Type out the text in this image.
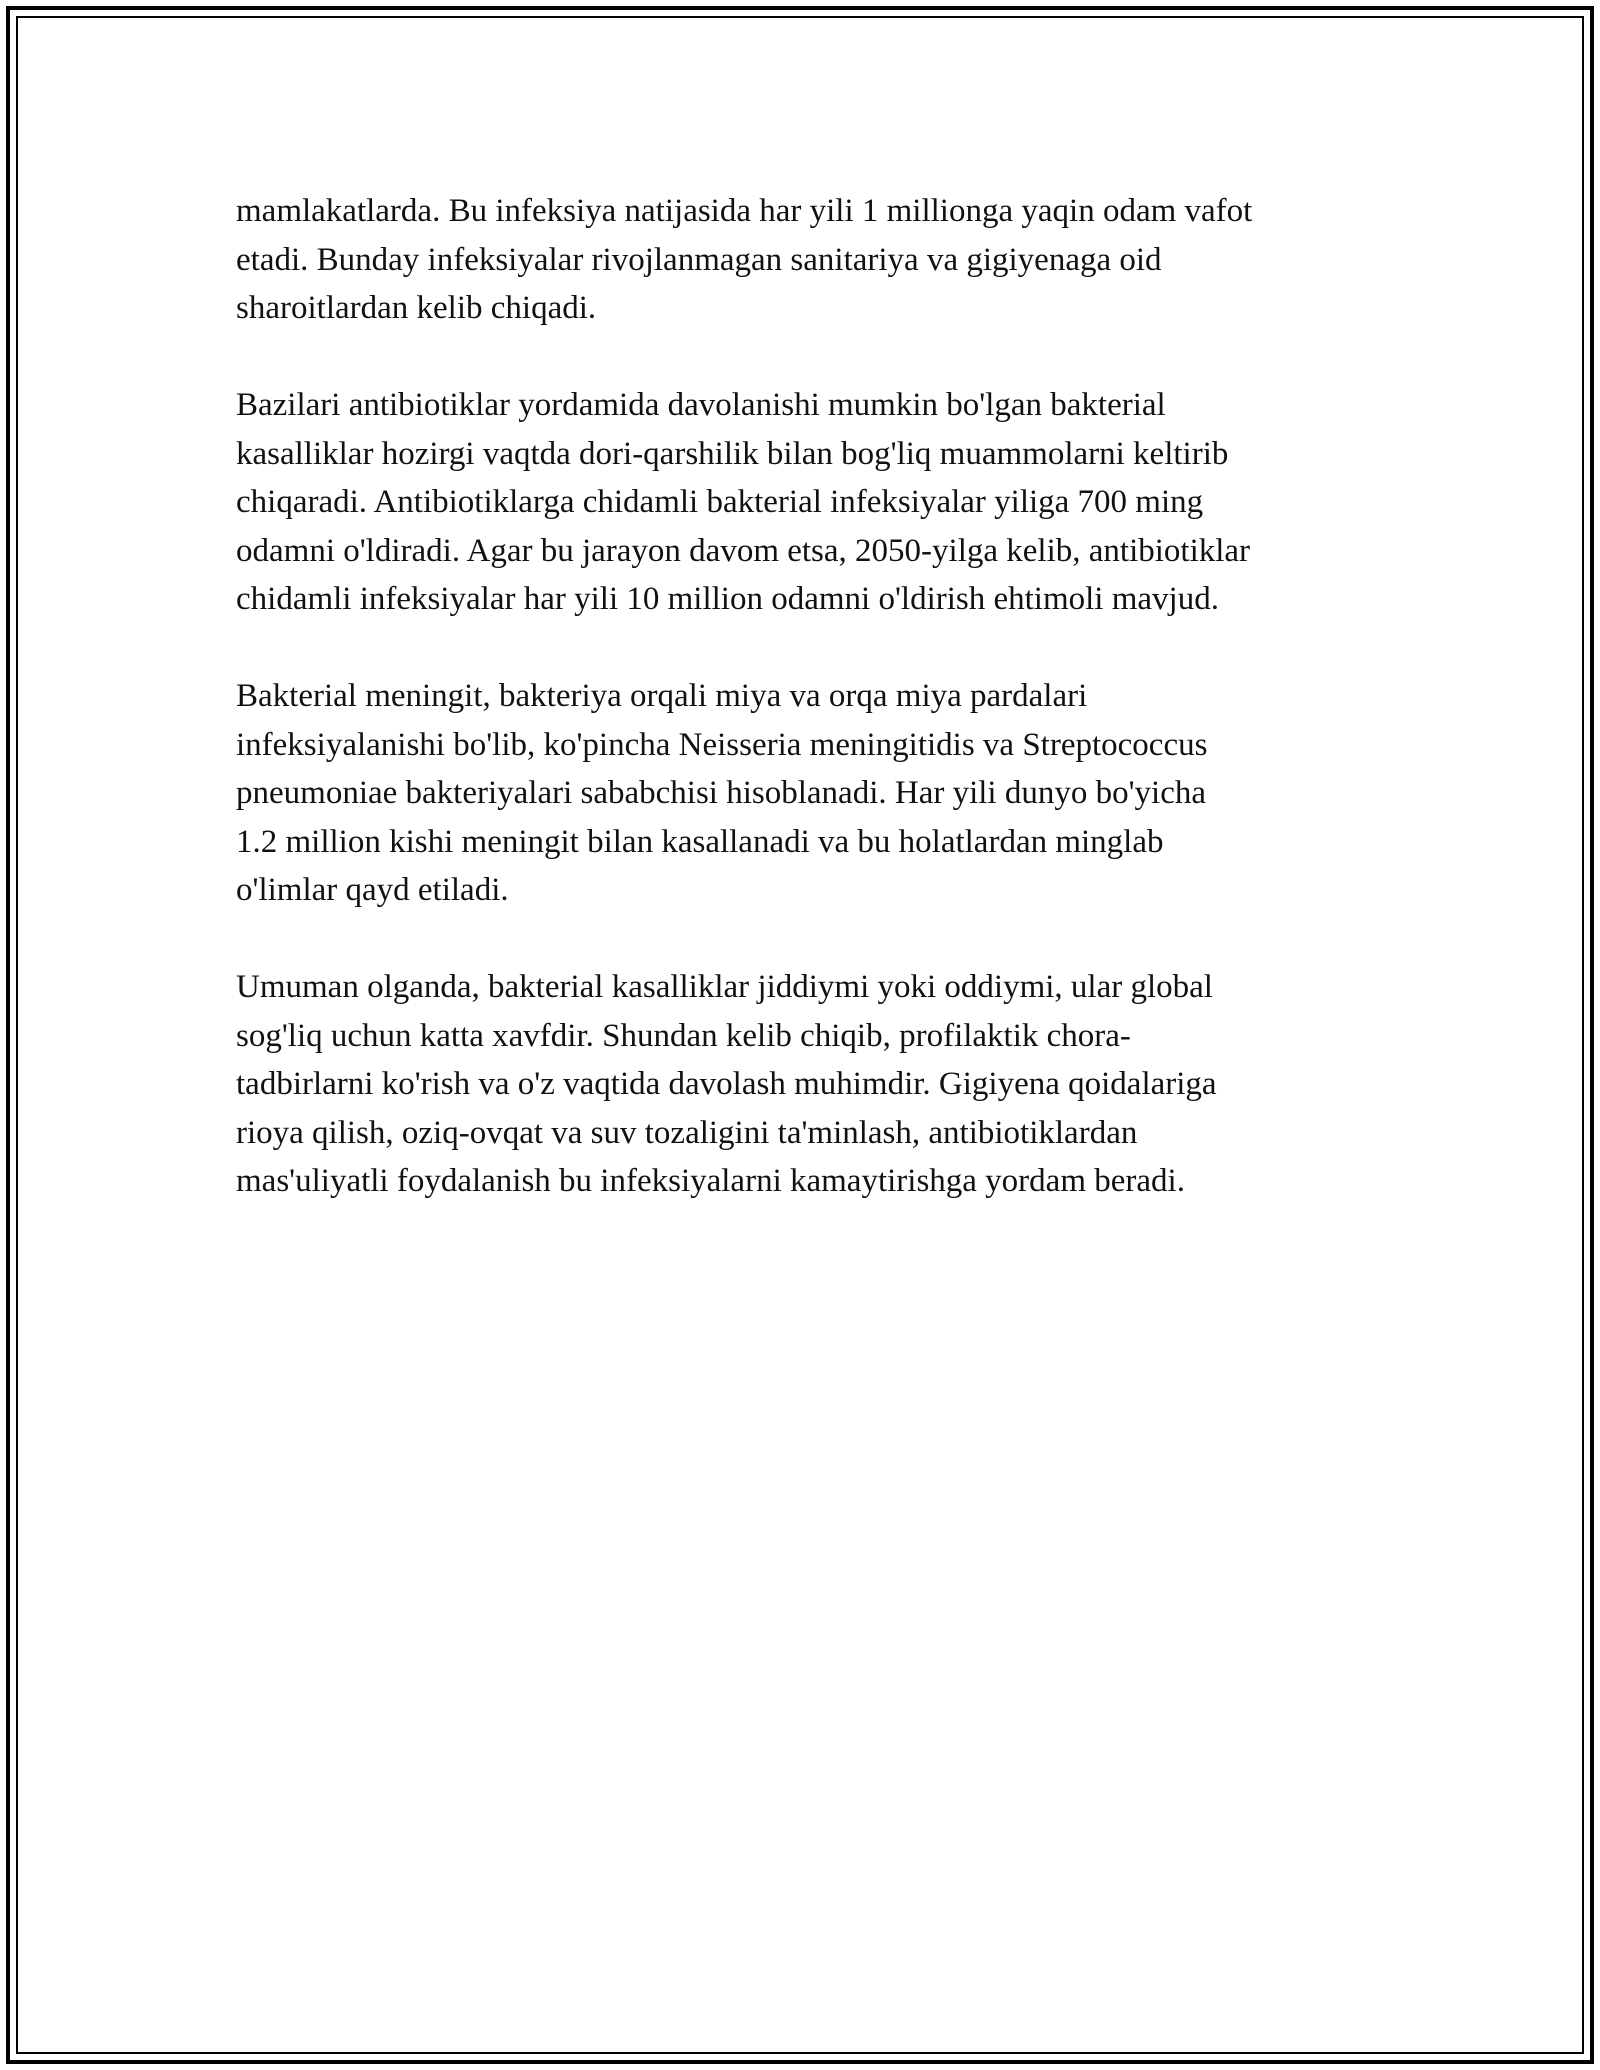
mamlakatlarda. Bu infeksiya natijasida har yili 1 millionga yaqin odam vafot
etadi. Bunday infeksiyalar rivojlanmagan sanitariya va gigiyenaga oid
sharoitlardan kelib chiqadi.

Bazilari antibiotiklar yordamida davolanishi mumkin bo'lgan bakterial
kasalliklar hozirgi vaqtda dori-qarshilik bilan bog'liq muammolarni keltirib
chiqaradi. Antibiotiklarga chidamli bakterial infeksiyalar yiliga 700 ming
odamni o'ldiradi. Agar bu jarayon davom etsa, 2050-yilga kelib, antibiotiklar
chidamli infeksiyalar har yili 10 million odamni o'ldirish ehtimoli mavjud.

Bakterial meningit, bakteriya orqali miya va orqa miya pardalari
infeksiyalanishi bo'lib, ko'pincha Neisseria meningitidis va Streptococcus
pneumoniae bakteriyalari sababchisi hisoblanadi. Har yili dunyo bo'yicha
1.2 million kishi meningit bilan kasallanadi va bu holatlardan minglab
o'limlar qayd etiladi.

Umuman olganda, bakterial kasalliklar jiddiymi yoki oddiymi, ular global
sog'liq uchun katta xavfdir. Shundan kelib chiqib, profilaktik chora-
tadbirlarni ko'rish va o'z vaqtida davolash muhimdir. Gigiyena qoidalariga
rioya qilish, oziq-ovqat va suv tozaligini ta'minlash, antibiotiklardan
mas'uliyatli foydalanish bu infeksiyalarni kamaytirishga yordam beradi.
